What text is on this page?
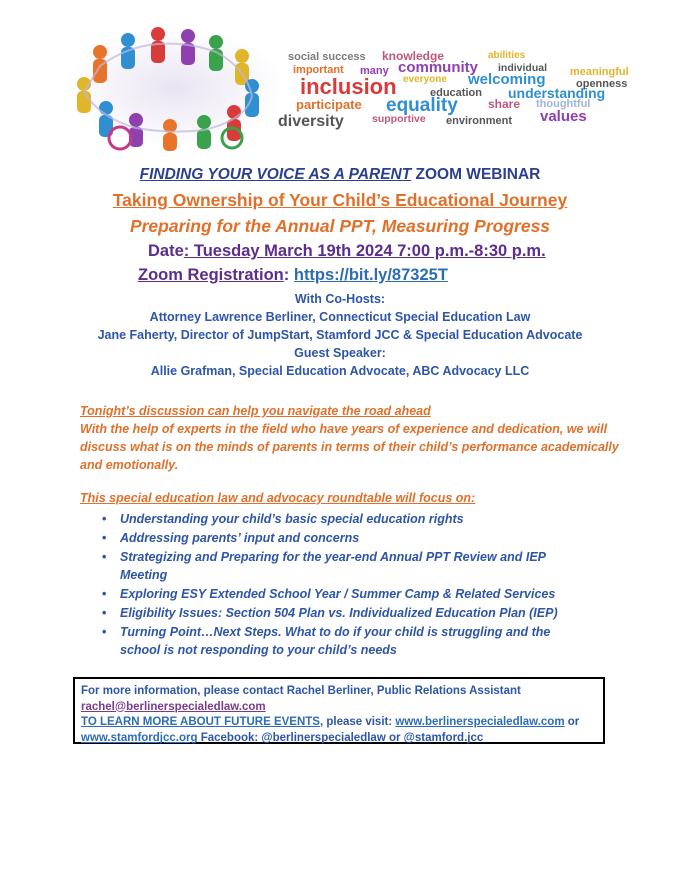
social success knowledge	abilities
important many community individual meaningful
inclusion everyone welcoming	openness
education understanding
participate equality	share thoughtful
diversity	supportive environment values
FINDING YOUR VOICE AS A PARENT ZOOM WEBINAR
Taking Ownership of Your Child’s Educational Journey
Preparing for the Annual PPT, Measuring Progress
Date: Tuesday March 19th 2024 7:00 p.m.-8:30 p.m.
Zoom Registration: https://bit.ly/87325T
With Co-Hosts:
Attorney Lawrence Berliner, Connecticut Special Education Law
Jane Faherty, Director of JumpStart, Stamford JCC & Special Education Advocate
Guest Speaker:
Allie Grafman, Special Education Advocate, ABC Advocacy LLC
Tonight’s discussion can help you navigate the road ahead
With the help of experts in the field who have years of experience and dedication, we will discuss what is on the minds of parents in terms of their child’s performance academically and emotionally.
This special education law and advocacy roundtable will focus on:
• Understanding your child’s basic special education rights
• Addressing parents’ input and concerns
• Strategizing and Preparing for the year-end Annual PPT Review and IEP Meeting
• Exploring ESY Extended School Year / Summer Camp & Related Services
• Eligibility Issues: Section 504 Plan vs. Individualized Education Plan (IEP)
• Turning Point…Next Steps. What to do if your child is struggling and the school is not responding to your child’s needs
For more information, please contact Rachel Berliner, Public Relations Assistant
rachel@berlinerspecialedlaw.com
TO LEARN MORE ABOUT FUTURE EVENTS, please visit: www.berlinerspecialedlaw.com or
www.stamfordjcc.org Facebook: @berlinerspecialedlaw or @stamford.jcc
